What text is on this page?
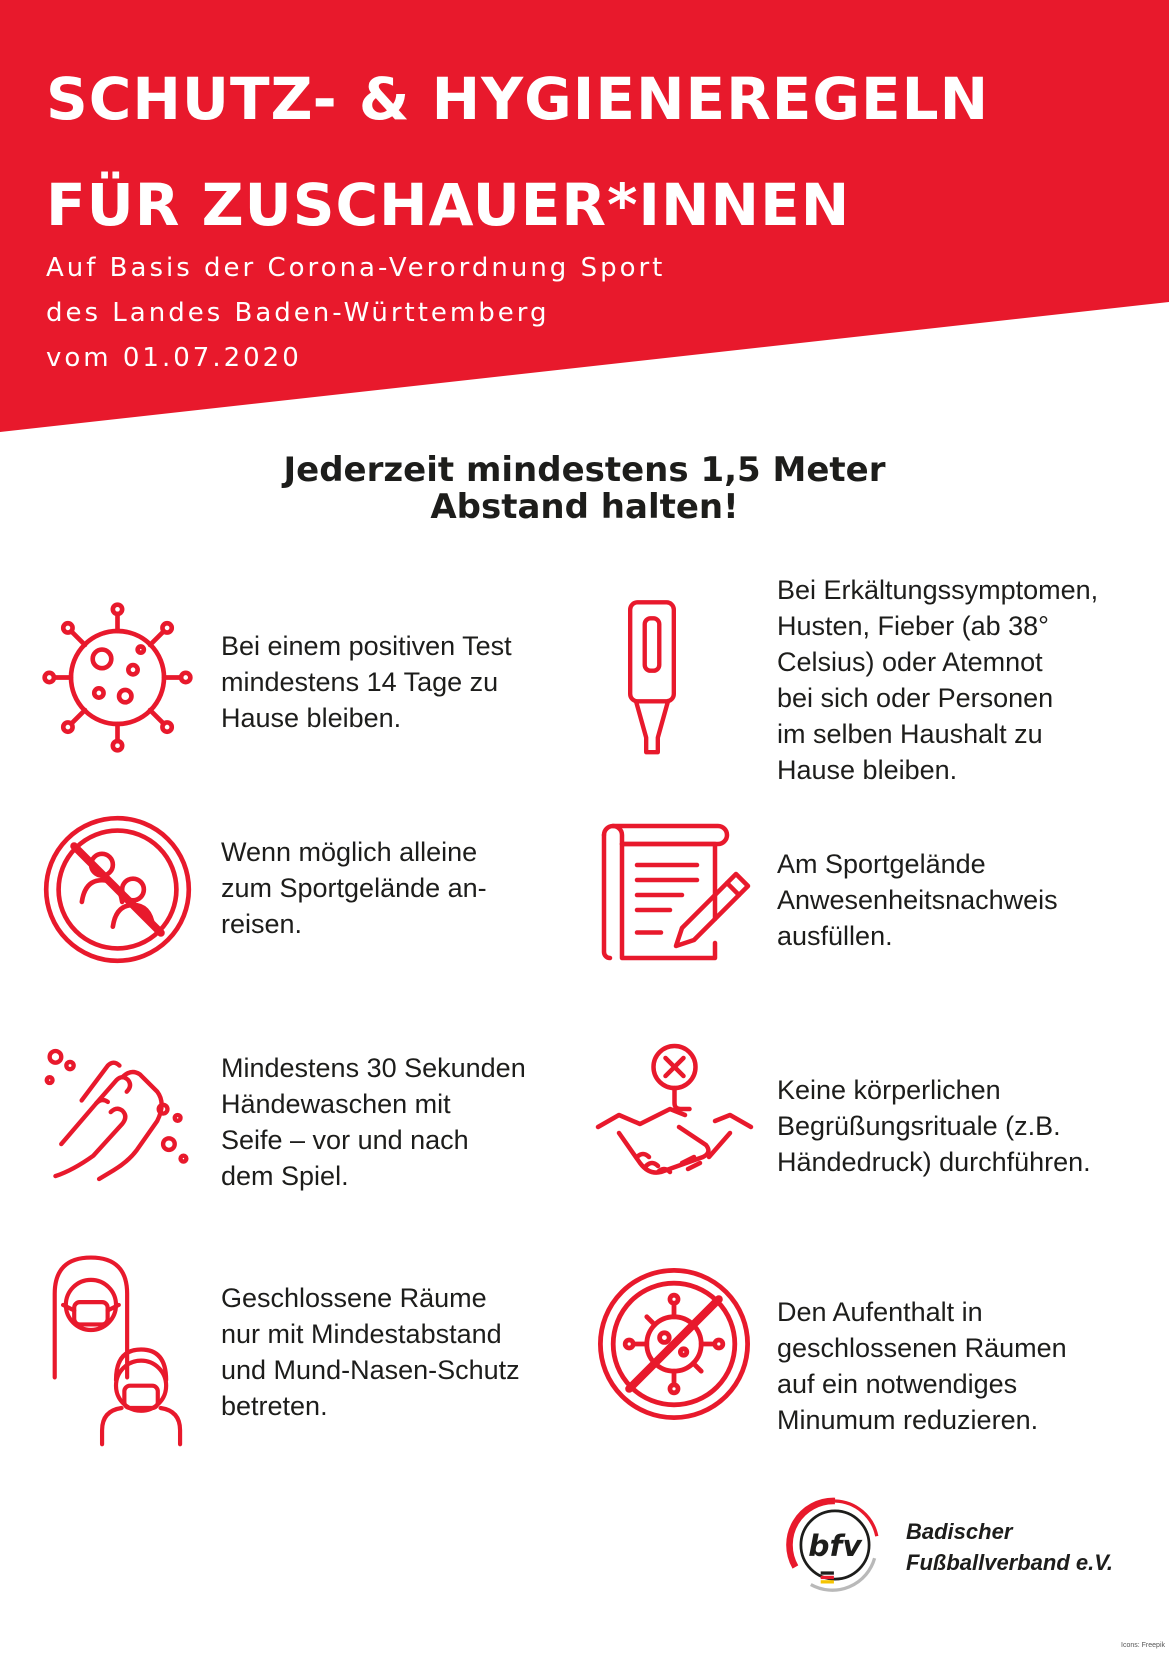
SCHUTZ- & HYGIENEREGELN
FÜR ZUSCHAUER*INNEN
Auf Basis der Corona-Verordnung Sport
des Landes Baden-Württemberg
vom 01.07.2020
Jederzeit mindestens 1,5 Meter
Abstand halten!
Bei einem positiven Test
mindestens 14 Tage zu
Hause bleiben.
Bei Erkältungssymptomen,
Husten, Fieber (ab 38°
Celsius) oder Atemnot
bei sich oder Personen
im selben Haushalt zu
Hause bleiben.
Wenn möglich alleine
zum Sportgelände an-
reisen.
Am Sportgelände
Anwesenheitsnachweis
ausfüllen.
Mindestens 30 Sekunden
Händewaschen mit
Seife – vor und nach
dem Spiel.
Keine körperlichen
Begrüßungsrituale (z.B.
Händedruck) durchführen.
Geschlossene Räume
nur mit Mindestabstand
und Mund-Nasen-Schutz
betreten.
Den Aufenthalt in
geschlossenen Räumen
auf ein notwendiges
Minumum reduzieren.
bfv Badischer
Fußballverband e.V.
Icons: Freepik
